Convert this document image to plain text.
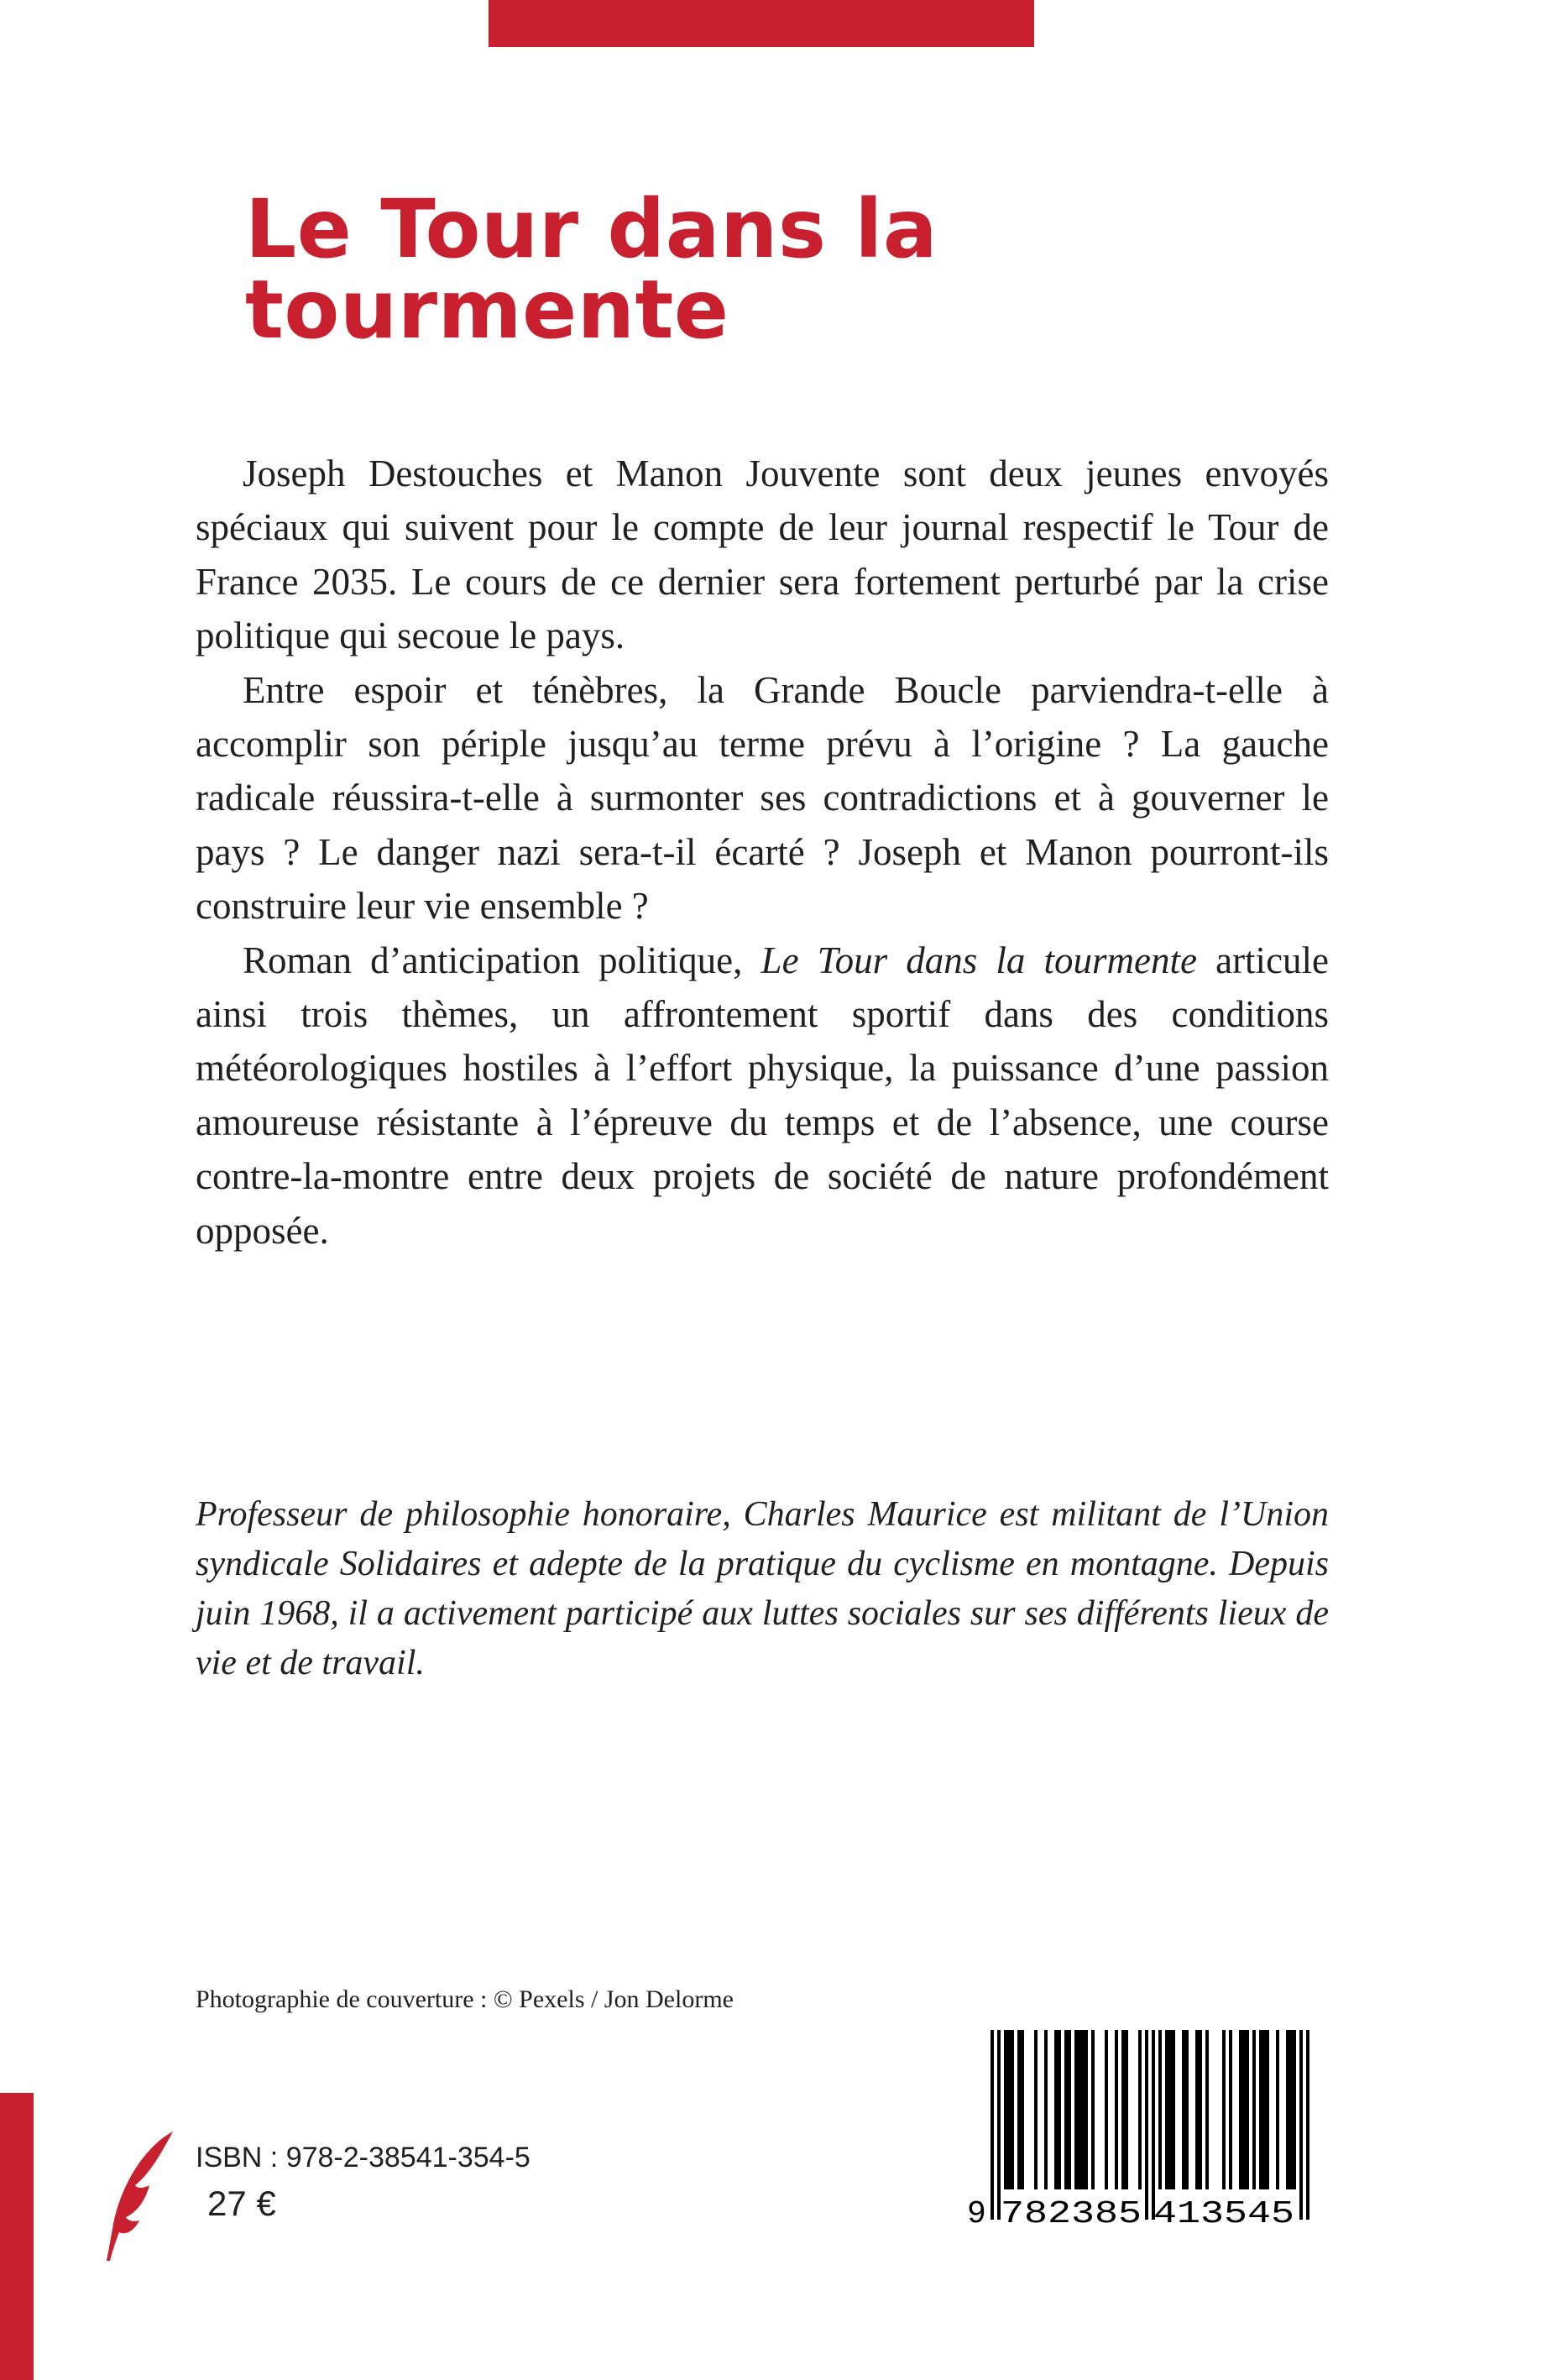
Le Tour dans la tourmente

Joseph Destouches et Manon Jouvente sont deux jeunes envoyés spéciaux qui suivent pour le compte de leur journal respectif le Tour de France 2035. Le cours de ce dernier sera fortement perturbé par la crise politique qui secoue le pays.

Entre espoir et ténèbres, la Grande Boucle parviendra-t-elle à accomplir son périple jusqu’au terme prévu à l’origine ? La gauche radicale réussira-t-elle à surmonter ses contradictions et à gouverner le pays ? Le danger nazi sera-t-il écarté ? Joseph et Manon pourront-ils construire leur vie ensemble ?

Roman d’anticipation politique, Le Tour dans la tourmente articule ainsi trois thèmes, un affrontement sportif dans des conditions météorologiques hostiles à l’effort physique, la puissance d’une passion amoureuse résistante à l’épreuve du temps et de l’absence, une course contre-la-montre entre deux projets de société de nature profondément opposée.

Professeur de philosophie honoraire, Charles Maurice est militant de l’Union syndicale Solidaires et adepte de la pratique du cyclisme en montagne. Depuis juin 1968, il a activement participé aux luttes sociales sur ses différents lieux de vie et de travail.

Photographie de couverture : © Pexels / Jon Delorme

ISBN : 978-2-38541-354-5

27 €	9 782385 413545
